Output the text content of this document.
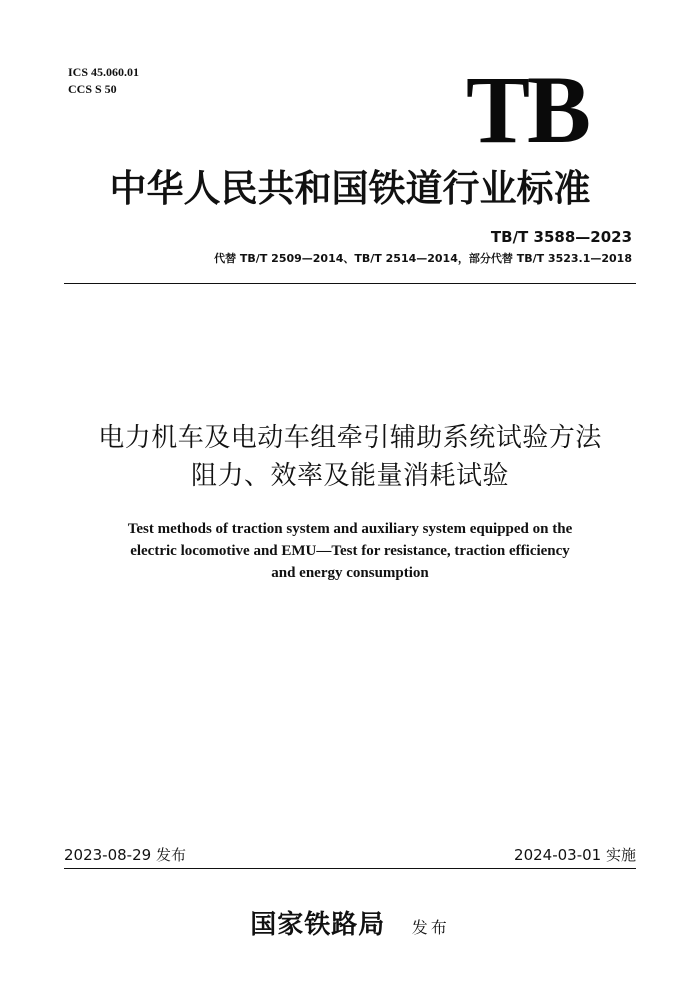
ICS 45.060.01
CCS S 50	TB
中华人民共和国铁道行业标准
TB/T 3588—2023
代替 TB/T 2509—2014、TB/T 2514—2014，部分代替 TB/T 3523.1—2018
电力机车及电动车组牵引辅助系统试验方法
阻力、效率及能量消耗试验
Test methods of traction system and auxiliary system equipped on the
electric locomotive and EMU—Test for resistance, traction efficiency
and energy consumption
2023-08-29 发布	2024-03-01 实施
国家铁路局 发布
